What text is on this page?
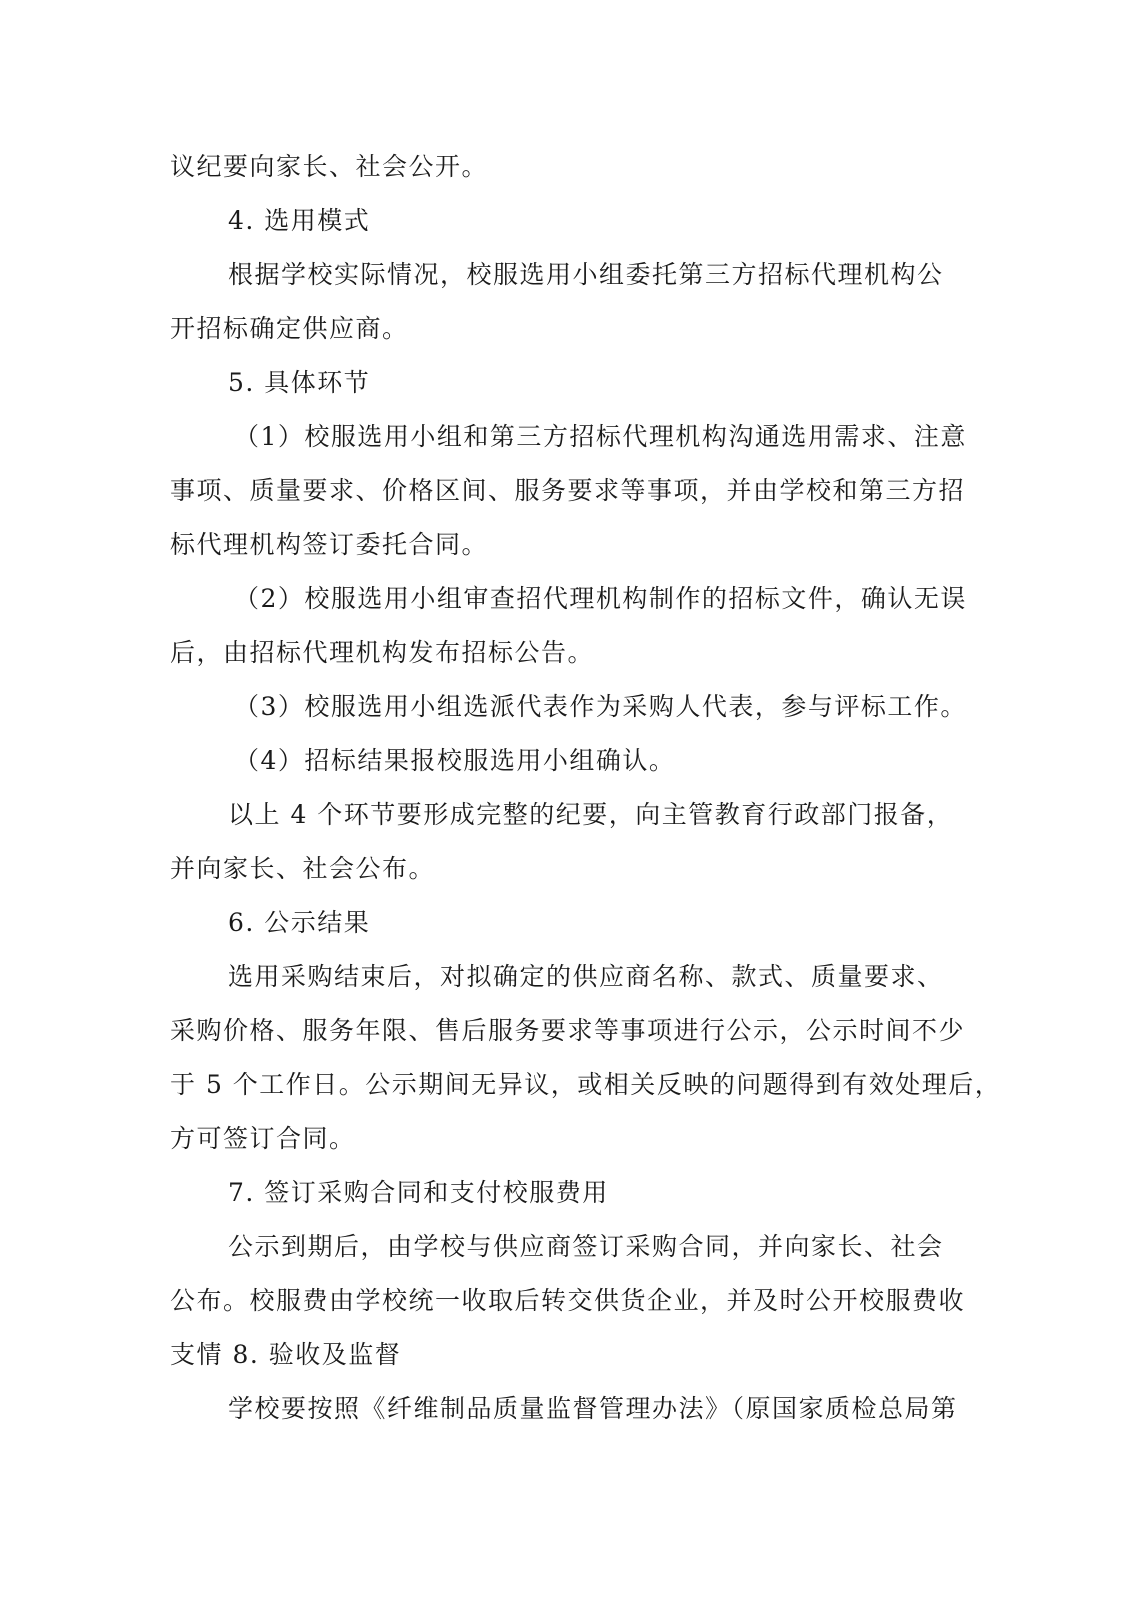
议纪要向家长、社会公开。
4. 选用模式
根据学校实际情况，校服选用小组委托第三方招标代理机构公
开招标确定供应商。
5. 具体环节
（1）校服选用小组和第三方招标代理机构沟通选用需求、注意
事项、质量要求、价格区间、服务要求等事项，并由学校和第三方招
标代理机构签订委托合同。
（2）校服选用小组审查招代理机构制作的招标文件，确认无误
后，由招标代理机构发布招标公告。
（3）校服选用小组选派代表作为采购人代表，参与评标工作。
（4）招标结果报校服选用小组确认。
以上 4 个环节要形成完整的纪要，向主管教育行政部门报备，
并向家长、社会公布。
6. 公示结果
选用采购结束后，对拟确定的供应商名称、款式、质量要求、
采购价格、服务年限、售后服务要求等事项进行公示，公示时间不少
于 5 个工作日。公示期间无异议，或相关反映的问题得到有效处理后，
方可签订合同。
7. 签订采购合同和支付校服费用
公示到期后，由学校与供应商签订采购合同，并向家长、社会
公布。校服费由学校统一收取后转交供货企业，并及时公开校服费收
支情 8. 验收及监督
学校要按照《纤维制品质量监督管理办法》（原国家质检总局第
